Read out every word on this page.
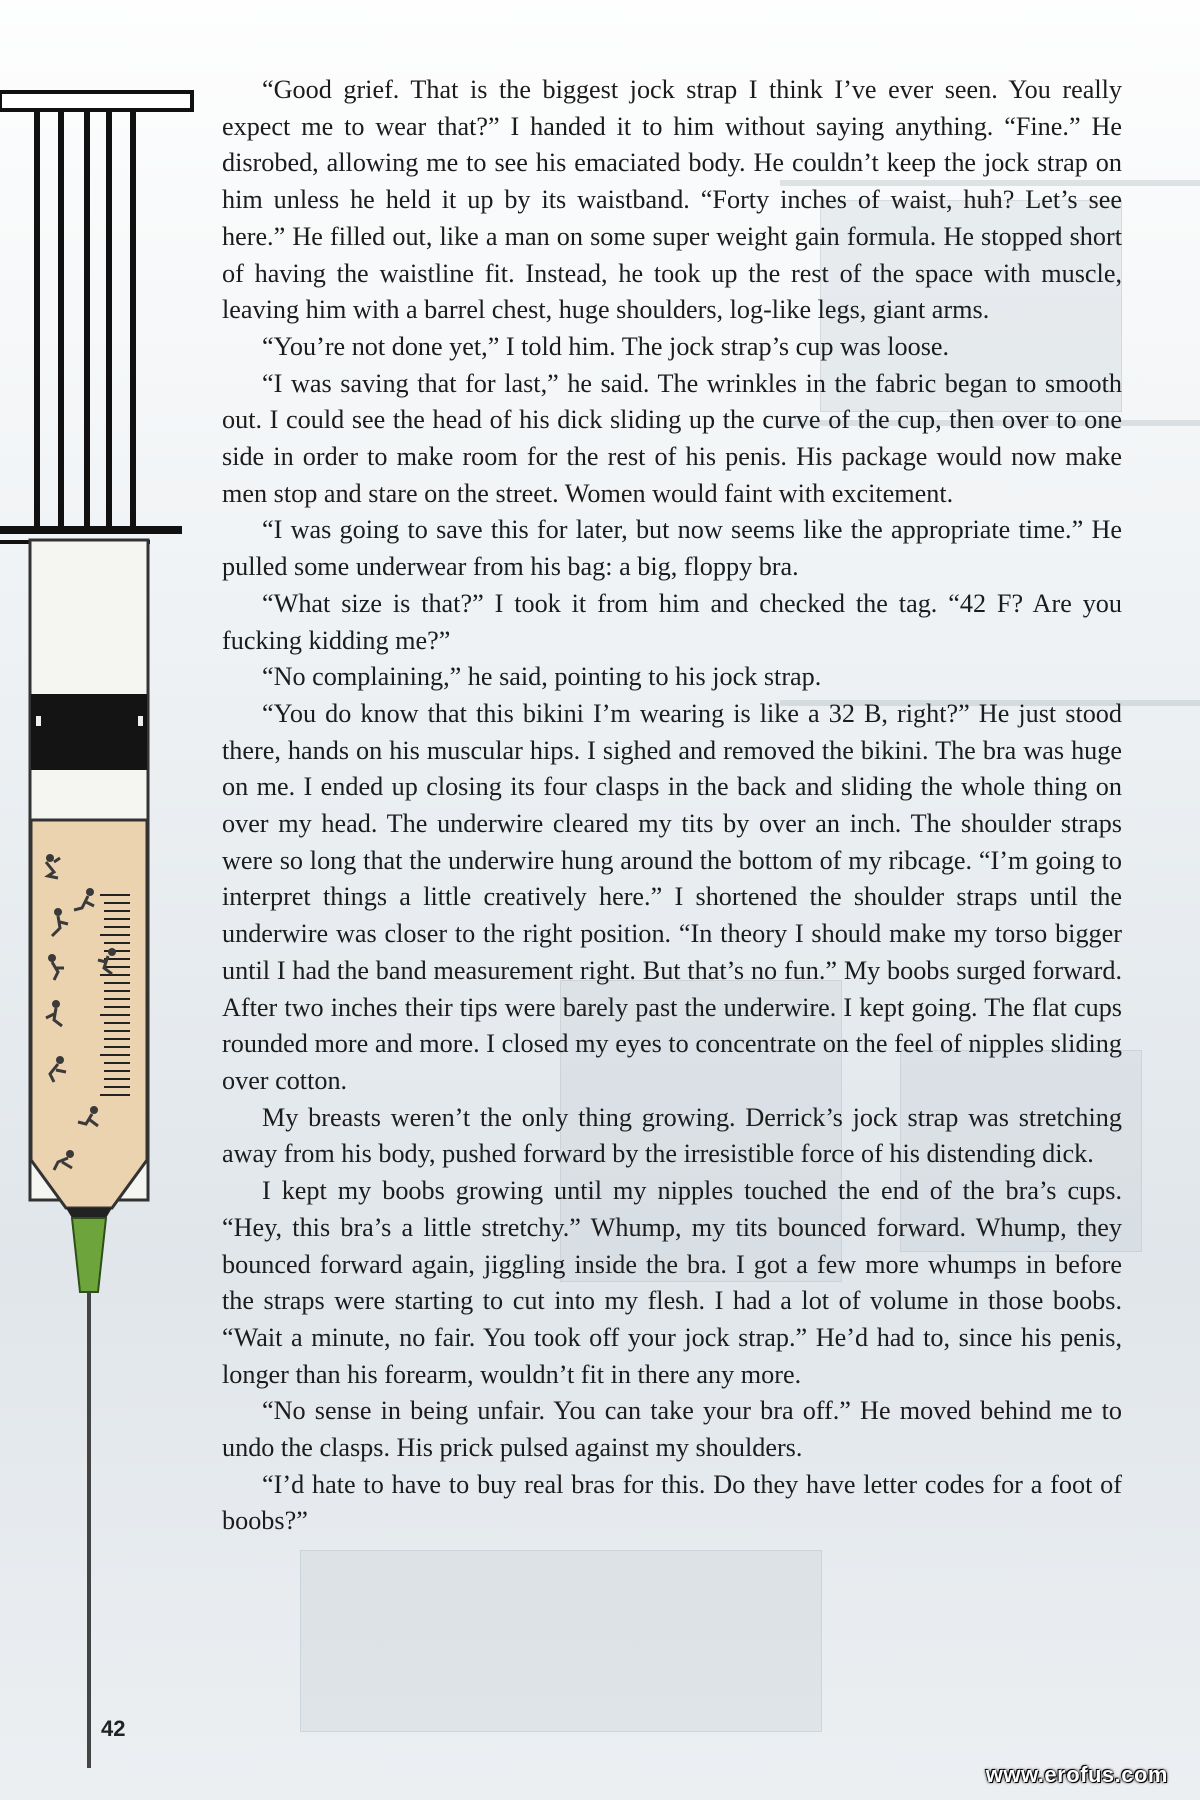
“Good grief. That is the biggest jock strap I think I’ve ever seen. You really expect me to wear that?” I handed it to him without saying anything. “Fine.” He disrobed, allowing me to see his emaciated body. He couldn’t keep the jock strap on him unless he held it up by its waistband. “Forty inches of waist, huh? Let’s see here.” He filled out, like a man on some super weight gain formula. He stopped short of having the waistline fit. Instead, he took up the rest of the space with muscle, leaving him with a barrel chest, huge shoulders, log-like legs, giant arms.

“You’re not done yet,” I told him. The jock strap’s cup was loose.

“I was saving that for last,” he said. The wrinkles in the fabric began to smooth out. I could see the head of his dick sliding up the curve of the cup, then over to one side in order to make room for the rest of his penis. His package would now make men stop and stare on the street. Women would faint with excitement.

“I was going to save this for later, but now seems like the appropriate time.” He pulled some underwear from his bag: a big, floppy bra.

“What size is that?” I took it from him and checked the tag. “42 F? Are you fucking kidding me?”

“No complaining,” he said, pointing to his jock strap.

“You do know that this bikini I’m wearing is like a 32 B, right?” He just stood there, hands on his muscular hips. I sighed and removed the bikini. The bra was huge on me. I ended up closing its four clasps in the back and sliding the whole thing on over my head. The underwire cleared my tits by over an inch. The shoulder straps were so long that the underwire hung around the bottom of my ribcage. “I’m going to interpret things a little creatively here.” I shortened the shoulder straps until the underwire was closer to the right position. “In theory I should make my torso bigger until I had the band measurement right. But that’s no fun.” My boobs surged forward. After two inches their tips were barely past the underwire. I kept going. The flat cups rounded more and more. I closed my eyes to concentrate on the feel of nipples sliding over cotton.

My breasts weren’t the only thing growing. Derrick’s jock strap was stretching away from his body, pushed forward by the irresistible force of his distending dick.

I kept my boobs growing until my nipples touched the end of the bra’s cups. “Hey, this bra’s a little stretchy.” Whump, my tits bounced forward. Whump, they bounced forward again, jiggling inside the bra. I got a few more whumps in before the straps were starting to cut into my flesh. I had a lot of volume in those boobs. “Wait a minute, no fair. You took off your jock strap.” He’d had to, since his penis, longer than his forearm, wouldn’t fit in there any more.

“No sense in being unfair. You can take your bra off.” He moved behind me to undo the clasps. His prick pulsed against my shoulders.

“I’d hate to have to buy real bras for this. Do they have letter codes for a foot of boobs?”

42
www.erofus.com
